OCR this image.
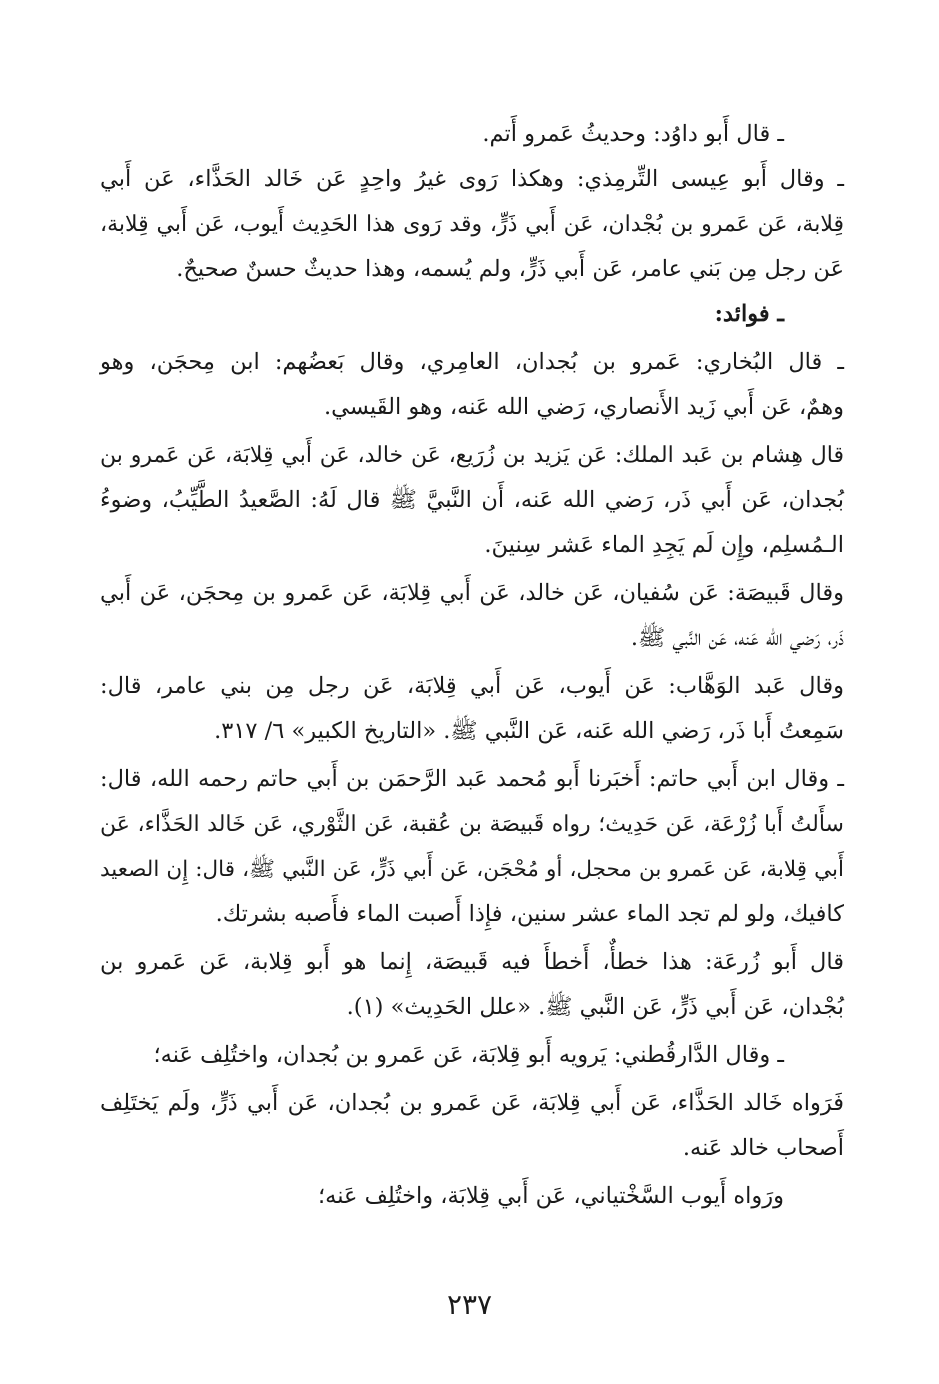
ـ قال أَبو داوُد: وحديثُ عَمرو أَتم.
ـ وقال أَبو عِيسى التِّرمِذي: وهكذا رَوى غيرُ واحِدٍ عَن خَالد الحَذَّاء، عَن أَبي
قِلابة، عَن عَمرو بن بُجْدان، عَن أَبي ذَرٍّ، وقد رَوى هذا الحَدِيث أَيوب، عَن أَبي قِلابة،
عَن رجل مِن بَني عامر، عَن أَبي ذَرٍّ، ولم يُسمه، وهذا حديثٌ حسنٌ صحيحٌ.
ـ فوائد:
ـ قال البُخاري: عَمرو بن بُجدان، العامِري، وقال بَعضُهم: ابن مِحجَن، وهو
وهمٌ، عَن أَبي زَيد الأَنصاري، رَضي الله عَنه، وهو القَيسي.
قال هِشام بن عَبد الملك: عَن يَزيد بن زُرَيع، عَن خالد، عَن أَبي قِلابَة، عَن عَمرو بن
بُجدان، عَن أَبي ذَر، رَضي الله عَنه، أَن النَّبيَّ ﷺ قال لَهُ: الصَّعيدُ الطَّيِّبُ، وضوءُ
الـمُسلِم، وإِن لَم يَجِدِ الماء عَشر سِنينَ.
وقال قَبيصَة: عَن سُفيان، عَن خالد، عَن أَبي قِلابَة، عَن عَمرو بن مِحجَن، عَن أَبي
ذَر، رَضي الله عَنه، عَن النَّبي ﷺ.
وقال عَبد الوَهَّاب: عَن أَيوب، عَن أَبي قِلابَة، عَن رجل مِن بني عامر، قال:
سَمِعتُ أَبا ذَر، رَضي الله عَنه، عَن النَّبي ﷺ. «التاريخ الكبير» ٦/ ٣١٧.
ـ وقال ابن أَبي حاتم: أَخبَرنا أَبو مُحمد عَبد الرَّحمَن بن أَبي حاتم رحمه الله، قال:
سأَلتُ أَبا زُرْعَة، عَن حَدِيث؛ رواه قَبيصَة بن عُقبة، عَن الثَّوْري، عَن خَالد الحَذَّاء، عَن
أَبي قِلابة، عَن عَمرو بن محجل، أو مُحْجَن، عَن أَبي ذَرٍّ، عَن النَّبي ﷺ، قال: إِن الصعيد
كافيك، ولو لم تجد الماء عشر سنين، فإِذا أَصبت الماء فأَصبه بشرتك.
قال أَبو زُرعَة: هذا خطأٌ، أَخطأَ فيه قَبيصَة، إِنما هو أَبو قِلابة، عَن عَمرو بن
بُجْدان، عَن أَبي ذَرٍّ، عَن النَّبي ﷺ. «علل الحَدِيث» (١).
ـ وقال الدَّارقُطني: يَرويه أَبو قِلابَة، عَن عَمرو بن بُجدان، واختُلِف عَنه؛
فَرَواه خَالد الحَذَّاء، عَن أَبي قِلابَة، عَن عَمرو بن بُجدان، عَن أَبي ذَرٍّ، ولَم يَختَلِف
أَصحاب خالد عَنه.
ورَواه أَيوب السَّخْتياني، عَن أَبي قِلابَة، واختُلِف عَنه؛
٢٣٧
